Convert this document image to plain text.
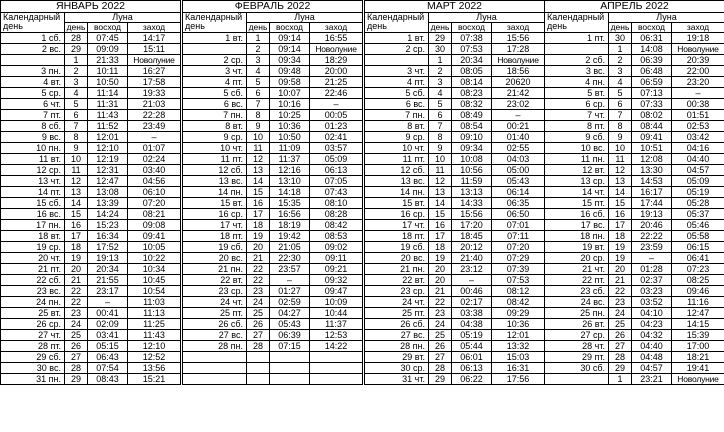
ЯНВАРЬ 2022			
Календарный
день	Луна		
	день	восход	заход
1 сб.	28	07:45	14:17
2 вс.	29	09:09	15:11
	1	21:33	Новолуние
3 пн.	2	10:11	16:27
4 вт.	3	10:50	17:58
5 ср.	4	11:14	19:33
6 чт.	5	11:31	21:03
7 пт.	6	11:43	22:28
8 сб.	7	11:52	23:49
9 вс.	8	12:01	–
10 пн.	9	12:10	01:07
11 вт.	10	12:19	02:24
12 ср.	11	12:31	03:40
13 чт.	12	12:47	04:56
14 пт.	13	13:08	06:10
15 сб.	14	13:39	07:20
16 вс.	15	14:24	08:21
17 пн.	16	15:23	09:08
18 вт.	17	16:34	09:41
19 ср.	18	17:52	10:05
20 чт.	19	19:13	10:22
21 пт.	20	20:34	10:34
22 сб.	21	21:55	10:45
23 вс.	22	23:17	10:54
24 пн.	22	–	11:03
25 вт.	23	00:41	11:13
26 ср.	24	02:09	11:25
27 чт.	25	03:41	11:43
28 пт.	26	05:15	12:10
29 сб.	27	06:43	12:52
30 вс.	28	07:54	13:56
31 пн.	29	08:43	15:21
ФЕВРАЛЬ 2022			
Календарный
день	Луна		
	день	восход	заход
1 вт.	1	09:14	16:55
	2	09:14	Новолуние
2 ср.	3	09:34	18:29
3 чт.	4	09:48	20:00
4 пт.	5	09:58	21:25
5 сб.	6	10:07	22:46
6 вс.	7	10:16	–
7 пн.	8	10:25	00:05
8 вт.	9	10:36	01:23
9 ср.	10	10:50	02:41
10 чт.	11	11:09	03:57
11 пт.	12	11:37	05:09
12 сб.	13	12:16	06:13
13 вс.	14	13:10	07:05
14 пн.	15	14:18	07:43
15 вт.	16	15:35	08:10
16 ср.	17	16:56	08:28
17 чт.	18	18:19	08:42
18 пт.	19	19:42	08:53
19 сб.	20	21:05	09:02
20 вс.	21	22:30	09:11
21 пн.	22	23:57	09:21
22 вт.	22	–	09:32
23 ср.	23	01:27	09:47
24 чт.	24	02:59	10:09
25 пт.	25	04:27	10:44
26 сб.	26	05:43	11:37
27 вс.	27	06:39	12:53
28 пн.	28	07:15	14:22

МАРТ 2022			
Календарный
день	Луна		
	день	восход	заход
1 вт.	29	07:38	15:56
2 ср.	30	07:53	17:28
	1	20:34	Новолуние
3 чт.	2	08:05	18:56
4 пт.	3	08:14	20620
5 сб.	4	08:23	21:42
6 вс.	5	08:32	23:02
7 пн.	6	08:49	–
8 вт.	7	08:54	00:21
9 ср.	8	09:10	01:40
10 чт.	9	09:34	02:55
11 пт.	10	10:08	04:03
12 сб.	11	10:56	05:00
13 вс.	12	11:59	05:43
14 пн.	13	13:13	06:14
15 вт.	14	14:33	06:35
16 ср.	15	15:56	06:50
17 чт.	16	17:20	07:01
18 пт.	17	18:45	07:11
19 сб.	18	20:12	07:20
20 вс.	19	21:40	07:29
21 пн.	20	23:12	07:39
22 вт.	20	–	07:53
23 ср.	21	00:46	08:12
24 чт.	22	02:17	08:42
25 пт.	23	03:38	09:29
26 сб.	24	04:38	10:36
27 вс.	25	05:19	12:01
28 пн.	26	05:44	13:32
29 вт.	27	06:01	15:03
30 ср.	28	06:13	16:31
31 чт.	29	06:22	17:56
АПРЕЛЬ 2022			
Календарный
день	Луна		
	день	восход	заход
1 пт.	30	06:31	19:18
	1	14:08	Новолуние
2 сб.	2	06:39	20:39
3 вс.	3	06:48	22:00
4 пн.	4	06:59	23:20
5 вт.	5	07:13	–
6 ср.	6	07:33	00:38
7 чт.	7	08:02	01:51
8 пт.	8	08:44	02:53
9 сб.	9	09:41	03:42
10 вс.	10	10:51	04:16
11 пн.	11	12:08	04:40
12 вт.	12	13:30	04:57
13 ср.	13	14:53	05:09
14 чт.	14	16:17	05:19
15 пт.	15	17:44	05:28
16 сб.	16	19:13	05:37
17 вс.	17	20:46	05:46
18 пн.	18	22:22	05:58
19 вт.	19	23:59	06:15
20 ср.	19	–	06:41
21 чт.	20	01:28	07:23
22 пт.	21	02:37	08:25
23 сб.	22	03:23	09:46
24 вс.	23	03:52	11:16
25 пн.	24	04:10	12:47
26 вт.	25	04:23	14:15
27 ср.	26	04:32	15:39
28 чт.	27	04:40	17:00
29 пт.	28	04:48	18:21
30 сб.	29	04:57	19:41
	1	23:21	Новолуние
